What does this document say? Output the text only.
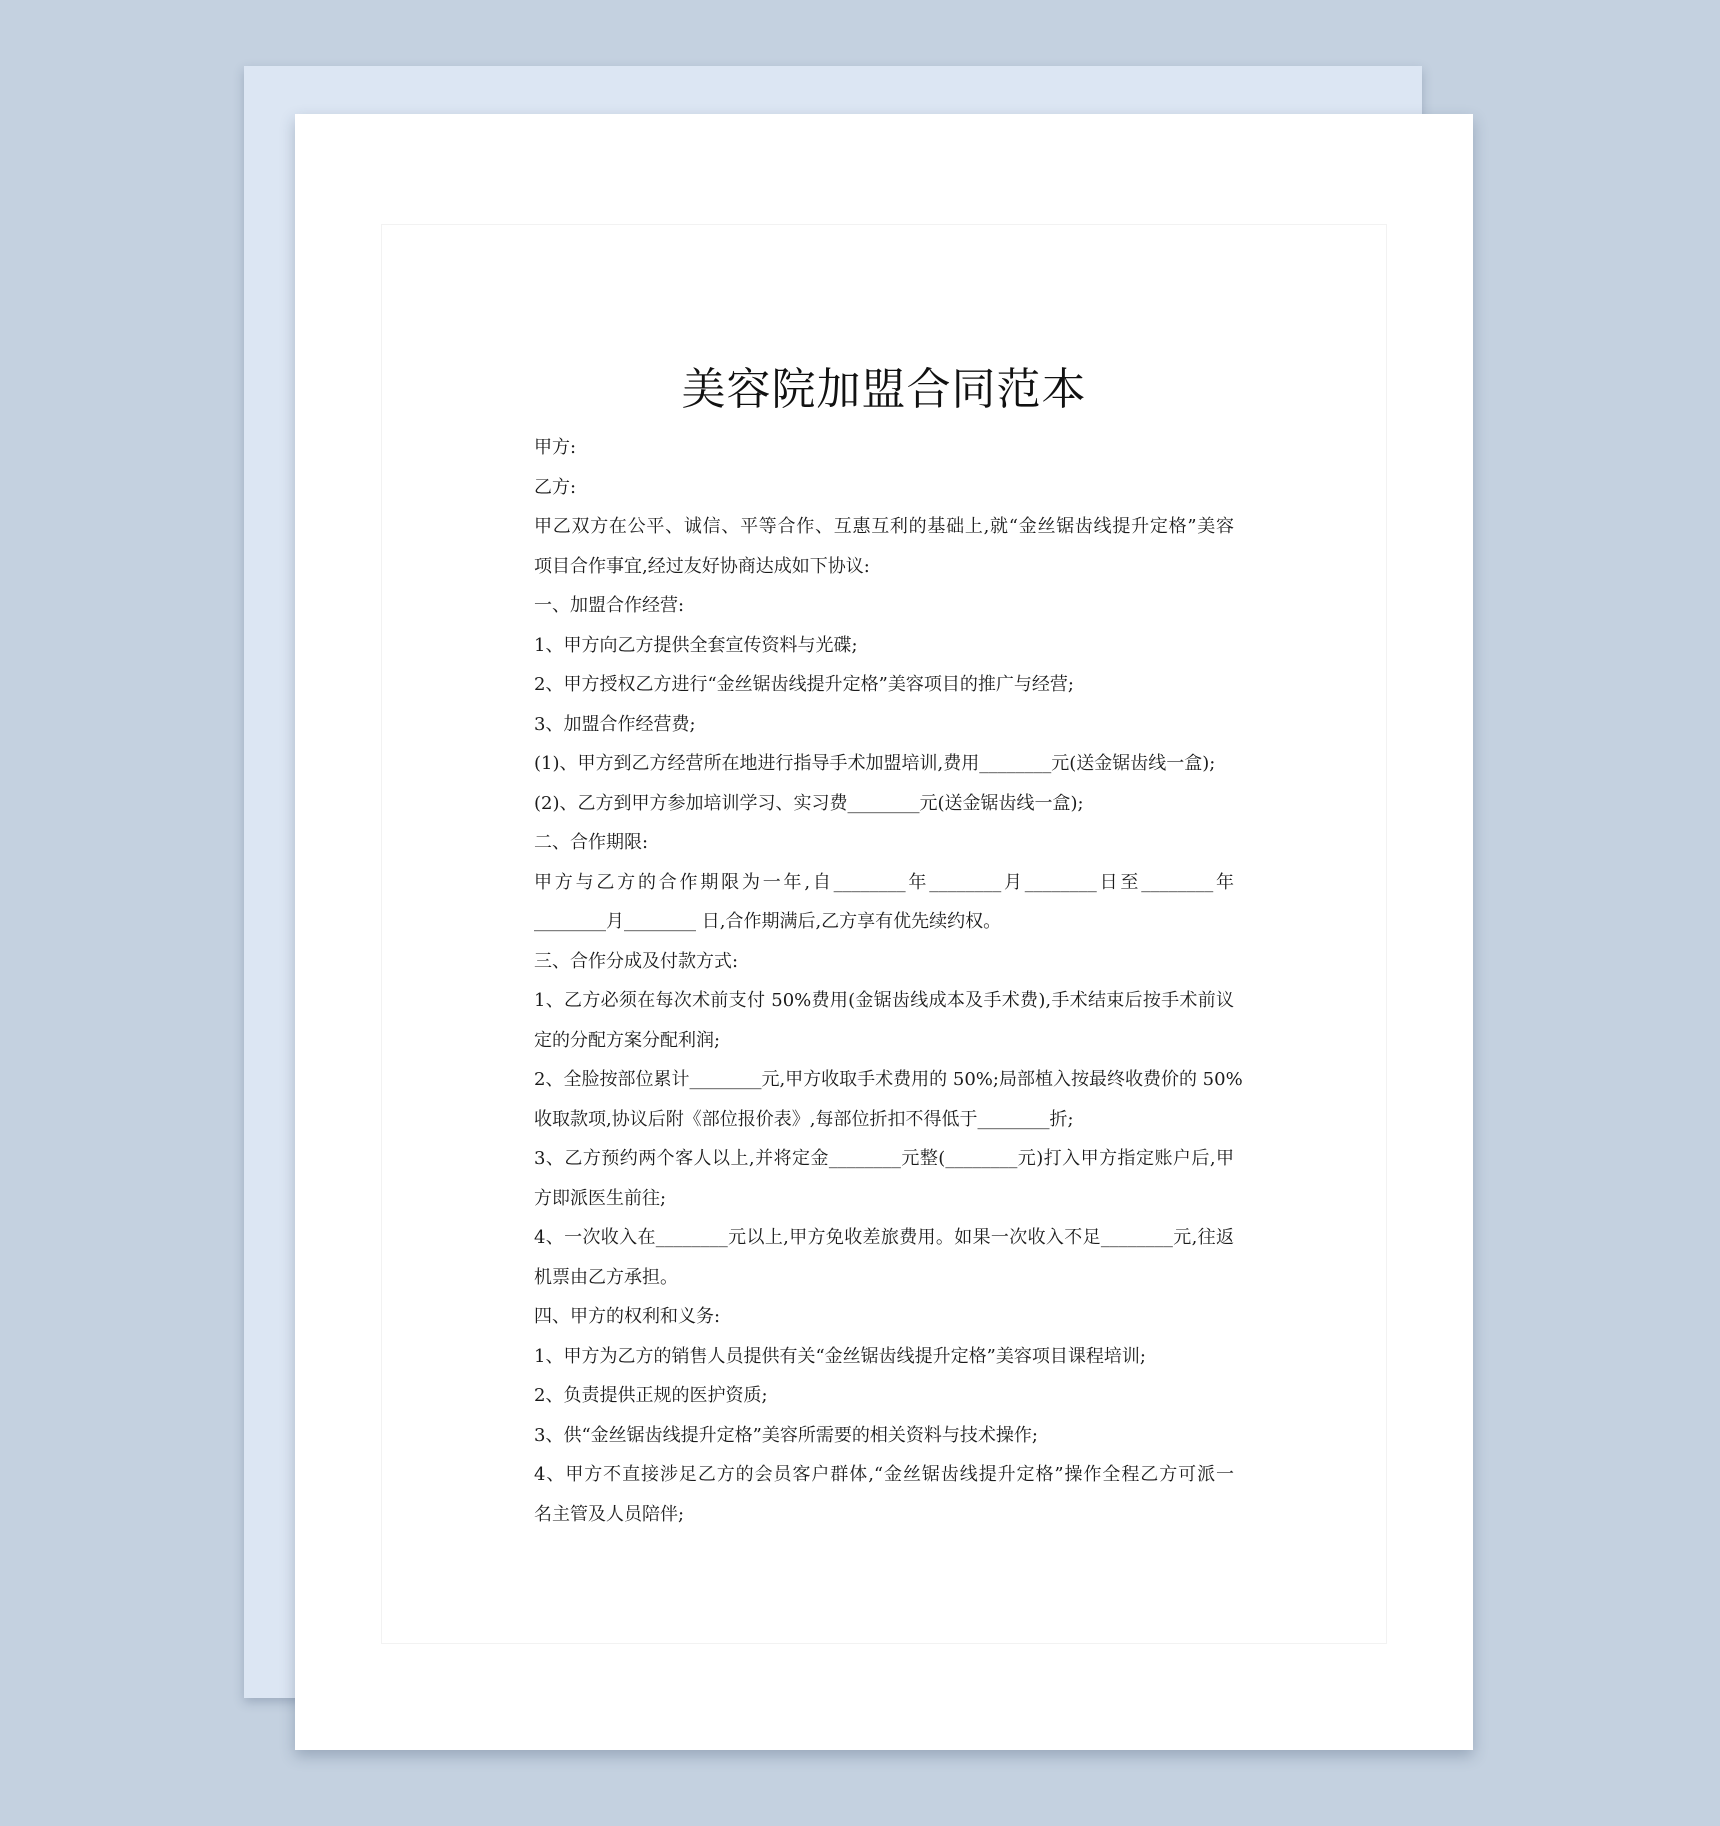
美容院加盟合同范本
甲方:
乙方:
甲乙双方在公平、诚信、平等合作、互惠互利的基础上,就“金丝锯齿线提升定格”美容
项目合作事宜,经过友好协商达成如下协议:
一、加盟合作经营:
1、甲方向乙方提供全套宣传资料与光碟;
2、甲方授权乙方进行“金丝锯齿线提升定格”美容项目的推广与经营;
3、加盟合作经营费;
(1)、甲方到乙方经营所在地进行指导手术加盟培训,费用________元(送金锯齿线一盒);
(2)、乙方到甲方参加培训学习、实习费________元(送金锯齿线一盒);
二、合作期限:
甲方与乙方的合作期限为一年,自________年________月________日至________年
________月________ 日,合作期满后,乙方享有优先续约权。
三、合作分成及付款方式:
1、乙方必须在每次术前支付 50%费用(金锯齿线成本及手术费),手术结束后按手术前议
定的分配方案分配利润;
2、全脸按部位累计________元,甲方收取手术费用的 50%;局部植入按最终收费价的 50%
收取款项,协议后附《部位报价表》,每部位折扣不得低于________折;
3、乙方预约两个客人以上,并将定金________元整(________元)打入甲方指定账户后,甲
方即派医生前往;
4、一次收入在________元以上,甲方免收差旅费用。如果一次收入不足________元,往返
机票由乙方承担。
四、甲方的权利和义务:
1、甲方为乙方的销售人员提供有关“金丝锯齿线提升定格”美容项目课程培训;
2、负责提供正规的医护资质;
3、供“金丝锯齿线提升定格”美容所需要的相关资料与技术操作;
4、甲方不直接涉足乙方的会员客户群体,“金丝锯齿线提升定格”操作全程乙方可派一
名主管及人员陪伴;
